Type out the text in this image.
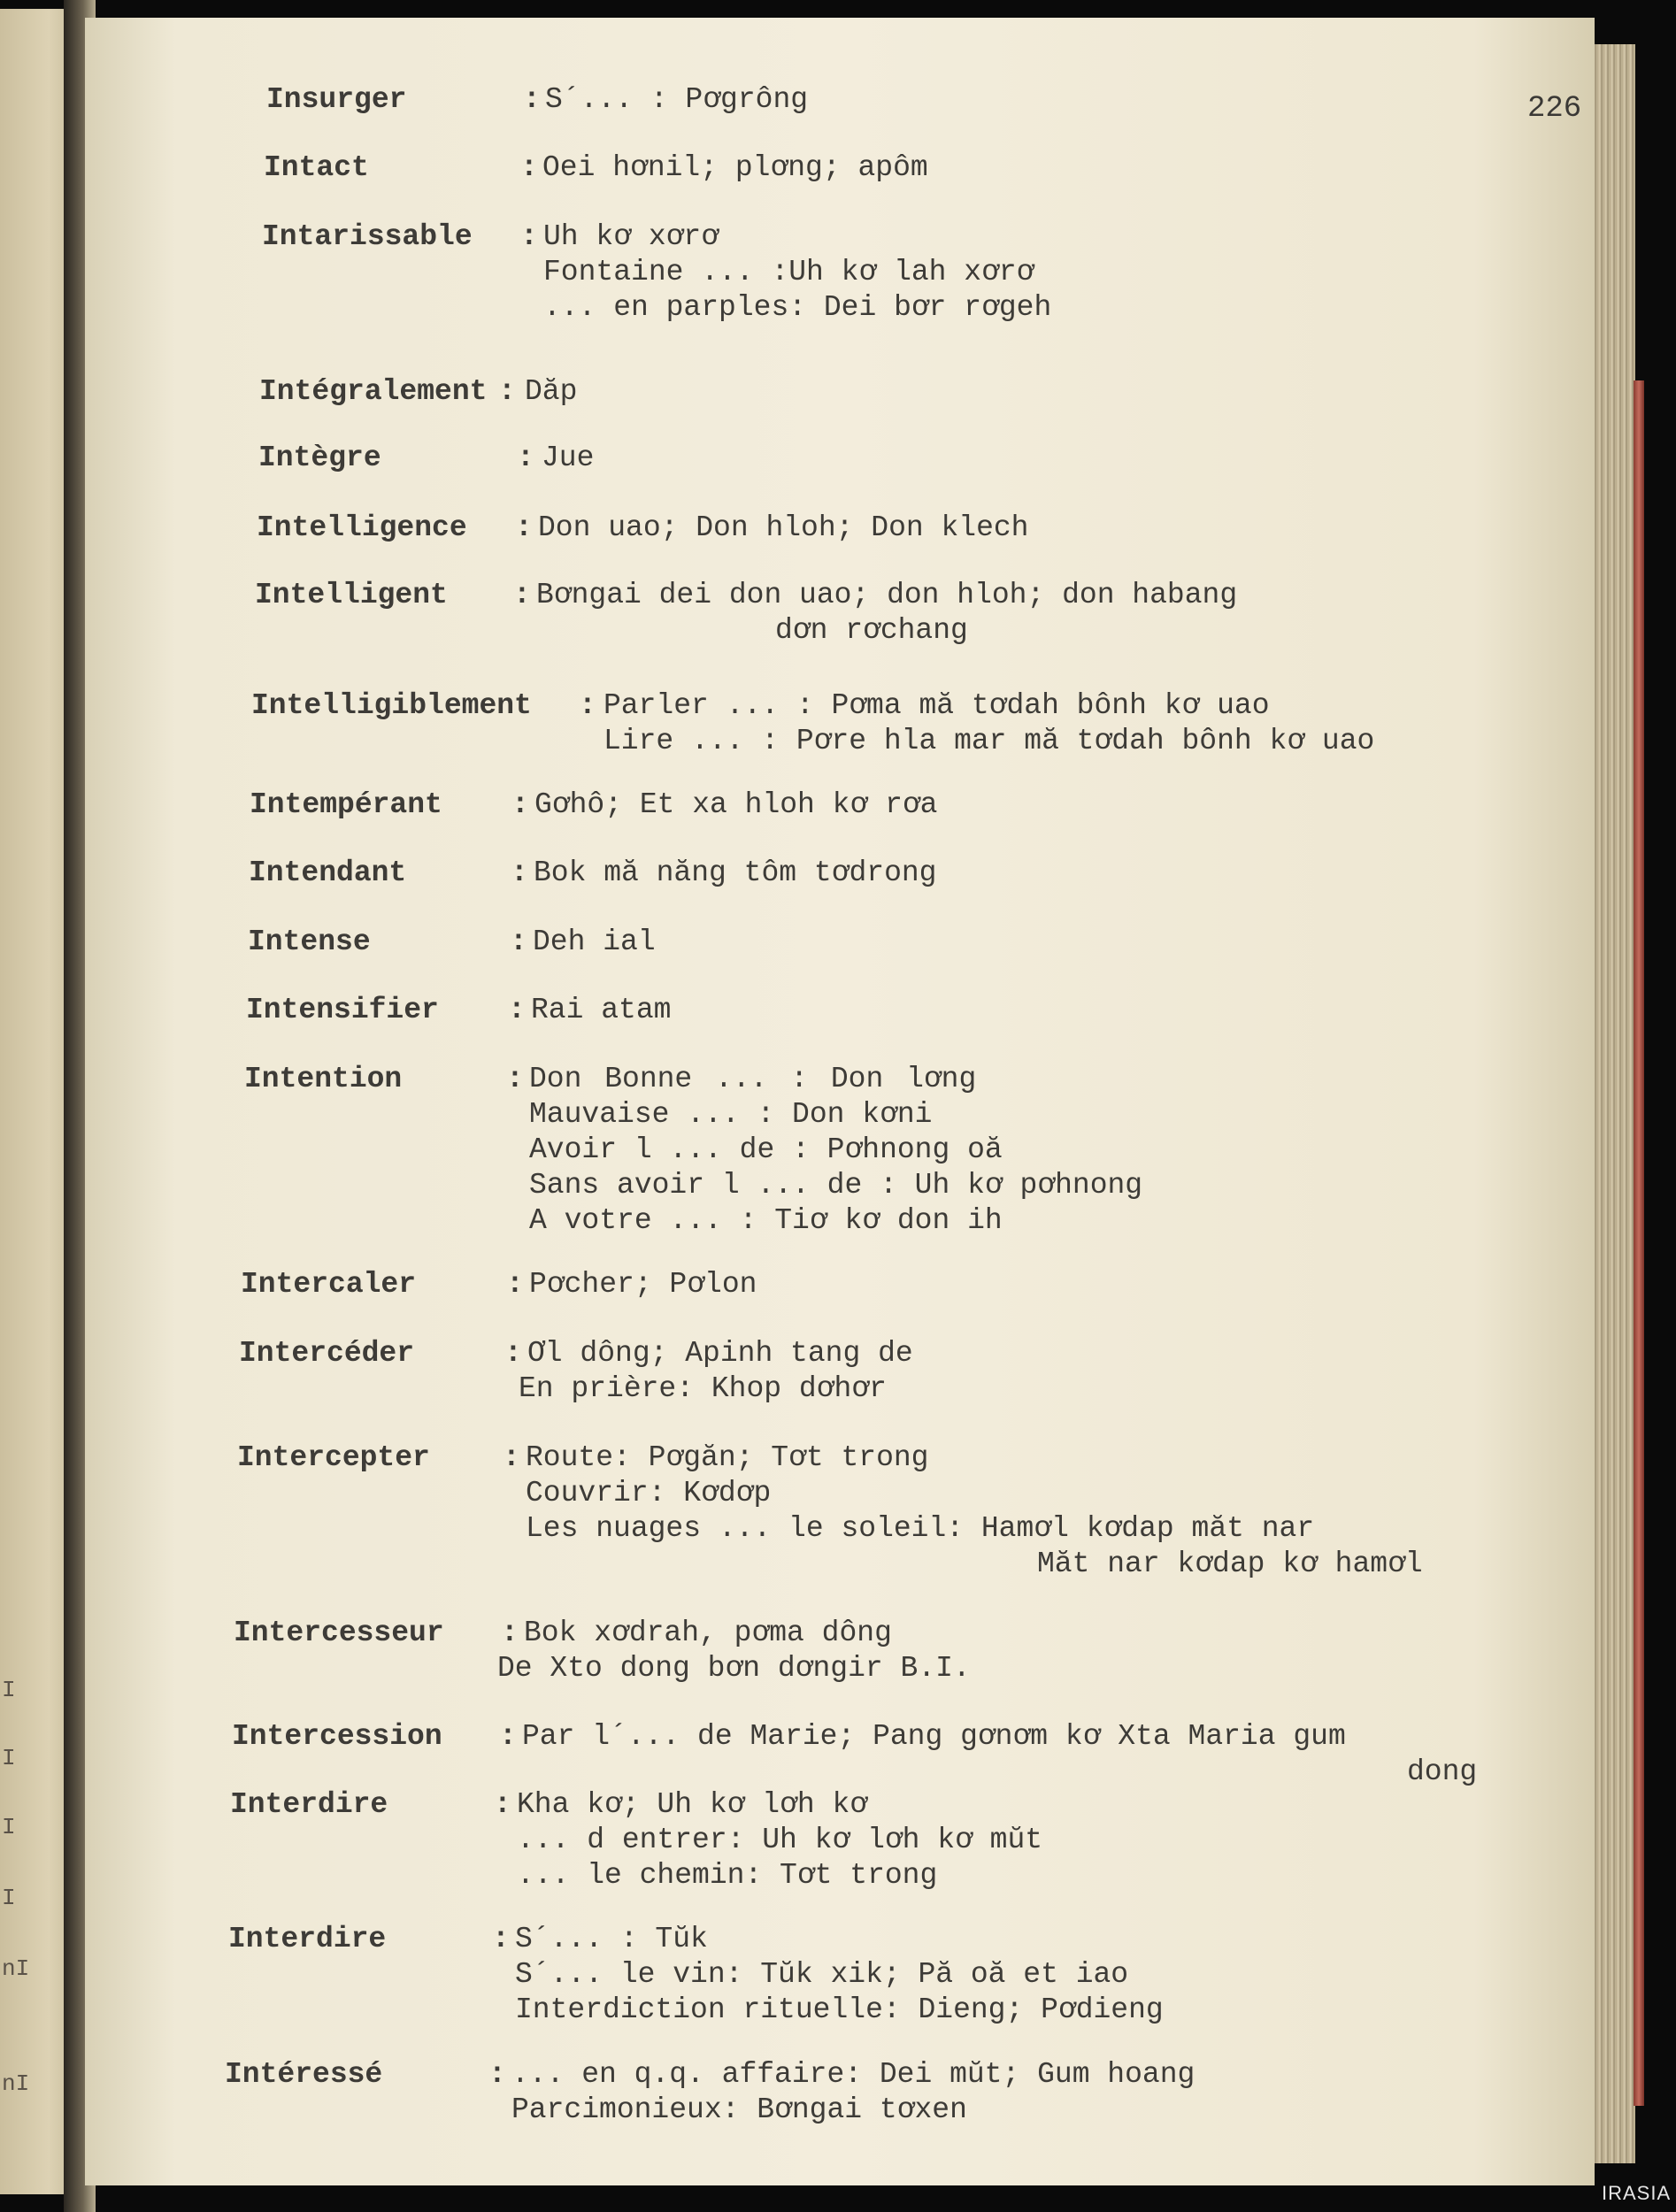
I
I
I
I
nI
nI
226
Insurger	: S´... : Pơgrông
Intact	: Oei hơnil; plơng; apôm
Intarissable : Uh kơ xơrơ
Fontaine ... :Uh kơ lah xơrơ
... en parples: Dei bơr rơgeh
Intégralement : Dăp
Intègre	: Jue
Intelligence : Don uao; Don hloh; Don klech
Intelligent : Bơngai dei don uao; don hloh; don habang
dơn rơchang
Intelligiblement : Parler ... : Pơma mă tơdah bônh kơ uao
Lire ... : Pơre hla mar mă tơdah bônh kơ uao
Intempérant : Gơhô; Et xa hloh kơ rơa
Intendant	: Bok mă năng tôm tơdrong
Intense	: Deh ial
Intensifier : Rai atam
Intention	: Don Bonne ... : Don lơng
Mauvaise ... : Don kơni
Avoir l ... de : Pơhnong oă
Sans avoir l ... de : Uh kơ pơhnong
A votre ... : Tiơ kơ don ih
Intercaler	: Pơcher; Pơlon
Intercéder	: Ơl dông; Apinh tang de
En prière: Khop dơhơr
Intercepter : Route: Pơgăn; Tơt trong
Couvrir: Kơdơp
Les nuages ... le soleil: Hamơl kơdap măt nar
Măt nar kơdap kơ hamơl
Intercesseur : Bok xơdrah, pơma dông
De Xto dong bơn dơngir B.I.
Intercession : Par l´... de Marie; Pang gơnơm kơ Xta Maria gum
dong
Interdire	: Kha kơ; Uh kơ lơh kơ
... d entrer: Uh kơ lơh kơ mŭt
... le chemin: Tơt trong
Interdire	: S´... : Tŭk
S´... le vin: Tŭk xik; Pă oă et iao
Interdiction rituelle: Dieng; Pơdieng
Intéressé	: ... en q.q. affaire: Dei mŭt; Gum hoang
Parcimonieux: Bơngai tơxen
IRASIA
